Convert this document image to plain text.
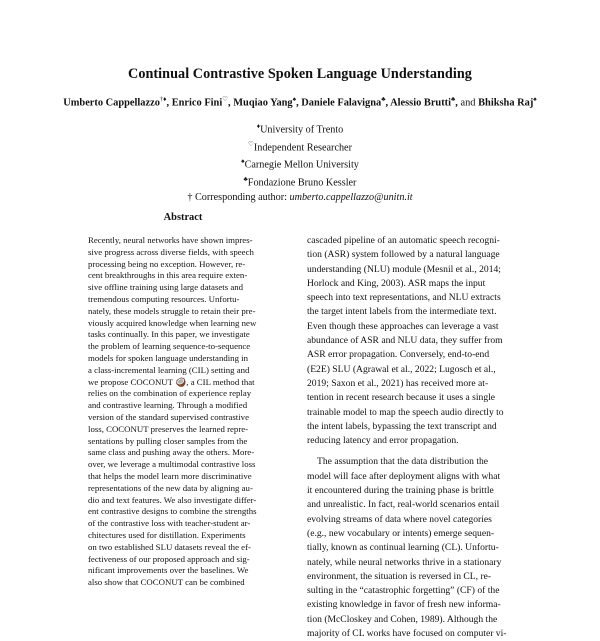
Continual Contrastive Spoken Language Understanding
Umberto Cappellazzo†♦, Enrico Fini♡, Muqiao Yang♠, Daniele Falavigna♣, Alessio Brutti♣, and Bhiksha Raj♠
♦University of Trento
♡Independent Researcher
♠Carnegie Mellon University
♣Fondazione Bruno Kessler
† Corresponding author: umberto.cappellazzo@unitn.it
Abstract
Recently, neural networks have shown impres-
sive progress across diverse fields, with speech
processing being no exception. However, re-
cent breakthroughs in this area require exten-
sive offline training using large datasets and
tremendous computing resources. Unfortu-
nately, these models struggle to retain their pre-
viously acquired knowledge when learning new
tasks continually. In this paper, we investigate
the problem of learning sequence-to-sequence
models for spoken language understanding in
a class-incremental learning (CIL) setting and
we propose COCONUT 🥥, a CIL method that
relies on the combination of experience replay
and contrastive learning. Through a modified
version of the standard supervised contrastive
loss, COCONUT preserves the learned repre-
sentations by pulling closer samples from the
same class and pushing away the others. More-
over, we leverage a multimodal contrastive loss
that helps the model learn more discriminative
representations of the new data by aligning au-
dio and text features. We also investigate differ-
ent contrastive designs to combine the strengths
of the contrastive loss with teacher-student ar-
chitectures used for distillation. Experiments
on two established SLU datasets reveal the ef-
fectiveness of our proposed approach and sig-
nificant improvements over the baselines. We
also show that COCONUT can be combined
cascaded pipeline of an automatic speech recogni-
tion (ASR) system followed by a natural language
understanding (NLU) module (Mesnil et al., 2014;
Horlock and King, 2003). ASR maps the input
speech into text representations, and NLU extracts
the target intent labels from the intermediate text.
Even though these approaches can leverage a vast
abundance of ASR and NLU data, they suffer from
ASR error propagation. Conversely, end-to-end
(E2E) SLU (Agrawal et al., 2022; Lugosch et al.,
2019; Saxon et al., 2021) has received more at-
tention in recent research because it uses a single
trainable model to map the speech audio directly to
the intent labels, bypassing the text transcript and
reducing latency and error propagation.
The assumption that the data distribution the
model will face after deployment aligns with what
it encountered during the training phase is brittle
and unrealistic. In fact, real-world scenarios entail
evolving streams of data where novel categories
(e.g., new vocabulary or intents) emerge sequen-
tially, known as continual learning (CL). Unfortu-
nately, while neural networks thrive in a stationary
environment, the situation is reversed in CL, re-
sulting in the “catastrophic forgetting” (CF) of the
existing knowledge in favor of fresh new informa-
tion (McCloskey and Cohen, 1989). Although the
majority of CL works have focused on computer vi-
